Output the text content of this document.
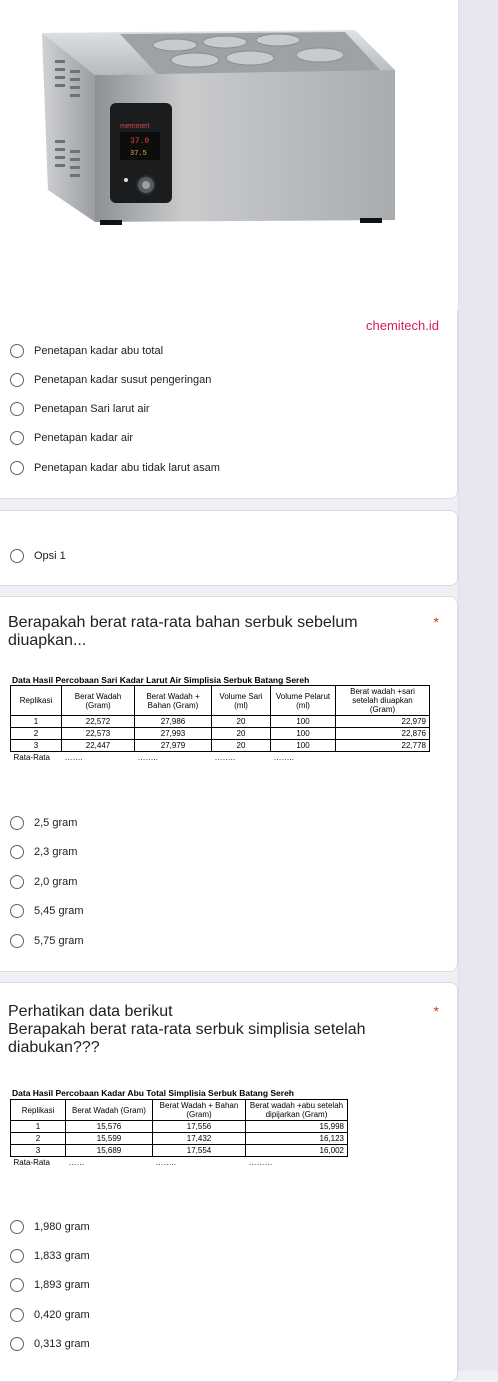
memmert
37.0
37.5
chemitech.id
Penetapan kadar abu total
Penetapan kadar susut pengeringan
Penetapan Sari larut air
Penetapan kadar air
Penetapan kadar abu tidak larut asam
Opsi 1
Berapakah berat rata-rata bahan serbuk sebelum diuapkan...
*
Data Hasil Percobaan Sari Kadar Larut Air Simplisia Serbuk Batang Sereh
Replikasi	Berat Wadah (Gram)	Berat Wadah + Bahan (Gram)	Volume Sari (ml)	Volume Pelarut (ml)	Berat wadah +sari setelah diuapkan (Gram)
1	22,572	27,986	20	100	22,979
2	22,573	27,993	20	100	22,876
3	22,447	27,979	20	100	22,778
Rata-Rata	…….	……..	……..	……..	
2,5 gram
2,3 gram
2,0 gram
5,45 gram
5,75 gram
Perhatikan data berikut
Berapakah berat rata-rata serbuk simplisia setelah diabukan???
*
Data Hasil Percobaan Kadar Abu Total Simplisia Serbuk Batang Sereh
Replikasi	Berat Wadah (Gram)	Berat Wadah + Bahan (Gram)	Berat wadah +abu setelah dipijarkan (Gram)
1	15,576	17,556	15,998
2	15,599	17,432	16,123
3	15,689	17,554	16,002
Rata-Rata	……	……..	………
1,980 gram
1,833 gram
1,893 gram
0,420 gram
0,313 gram
